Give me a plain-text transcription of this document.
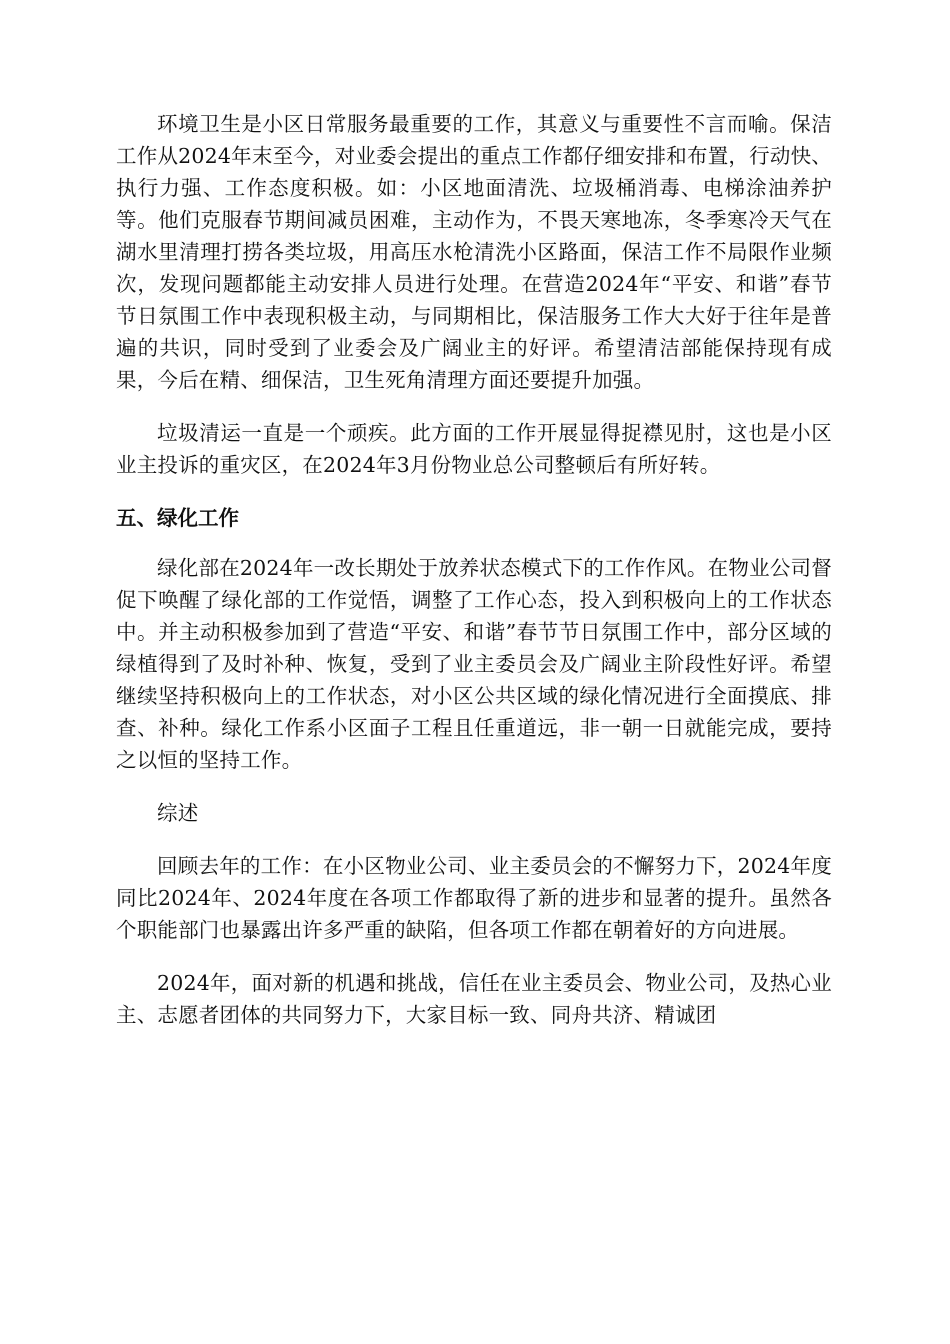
环境卫生是小区日常服务最重要的工作，其意义与重要性不言而喻。保洁工作从2024年末至今，对业委会提出的重点工作都仔细安排和布置，行动快、执行力强、工作态度积极。如：小区地面清洗、垃圾桶消毒、电梯涂油养护等。他们克服春节期间减员困难，主动作为，不畏天寒地冻，冬季寒冷天气在湖水里清理打捞各类垃圾，用高压水枪清洗小区路面，保洁工作不局限作业频次，发现问题都能主动安排人员进行处理。在营造2024年“平安、和谐”春节节日氛围工作中表现积极主动，与同期相比，保洁服务工作大大好于往年是普遍的共识，同时受到了业委会及广阔业主的好评。希望清洁部能保持现有成果，今后在精、细保洁，卫生死角清理方面还要提升加强。

垃圾清运一直是一个顽疾。此方面的工作开展显得捉襟见肘，这也是小区业主投诉的重灾区，在2024年3月份物业总公司整顿后有所好转。

五、绿化工作

绿化部在2024年一改长期处于放养状态模式下的工作作风。在物业公司督促下唤醒了绿化部的工作觉悟，调整了工作心态，投入到积极向上的工作状态中。并主动积极参加到了营造“平安、和谐”春节节日氛围工作中，部分区域的绿植得到了及时补种、恢复，受到了业主委员会及广阔业主阶段性好评。希望继续坚持积极向上的工作状态，对小区公共区域的绿化情况进行全面摸底、排查、补种。绿化工作系小区面子工程且任重道远，非一朝一日就能完成，要持之以恒的坚持工作。

综述

回顾去年的工作：在小区物业公司、业主委员会的不懈努力下，2024年度同比2024年、2024年度在各项工作都取得了新的进步和显著的提升。虽然各个职能部门也暴露出许多严重的缺陷，但各项工作都在朝着好的方向进展。

2024年，面对新的机遇和挑战，信任在业主委员会、物业公司，及热心业主、志愿者团体的共同努力下，大家目标一致、同舟共济、精诚团
